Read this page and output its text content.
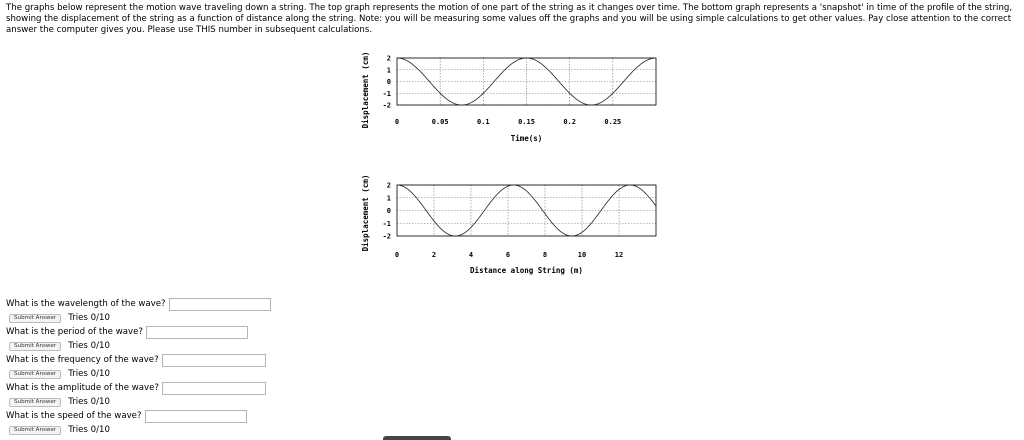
The graphs below represent the motion wave traveling down a string. The top graph represents the motion of one part of the string as it changes over time. The bottom graph represents a 'snapshot' in time of the profile of the string, showing the displacement of the string as a function of distance along the string. Note: you will be measuring some values off the graphs and you will be using simple calculations to get other values. Pay close attention to the correct answer the computer gives you. Please use THIS number in subsequent calculations.
2
1
0
-1
-2
0	0.05	0.1	0.15	0.2	0.25
Time(s)
Displacement (cm)
2
1
0
-1
-2
0	2	4	6	8	10	12
Distance along String (m)
Displacement (cm)
What is the wavelength of the wave?
Submit Answer	Tries 0/10
What is the period of the wave?
Submit Answer	Tries 0/10
What is the frequency of the wave?
Submit Answer	Tries 0/10
What is the amplitude of the wave?
Submit Answer	Tries 0/10
What is the speed of the wave?
Submit Answer	Tries 0/10
